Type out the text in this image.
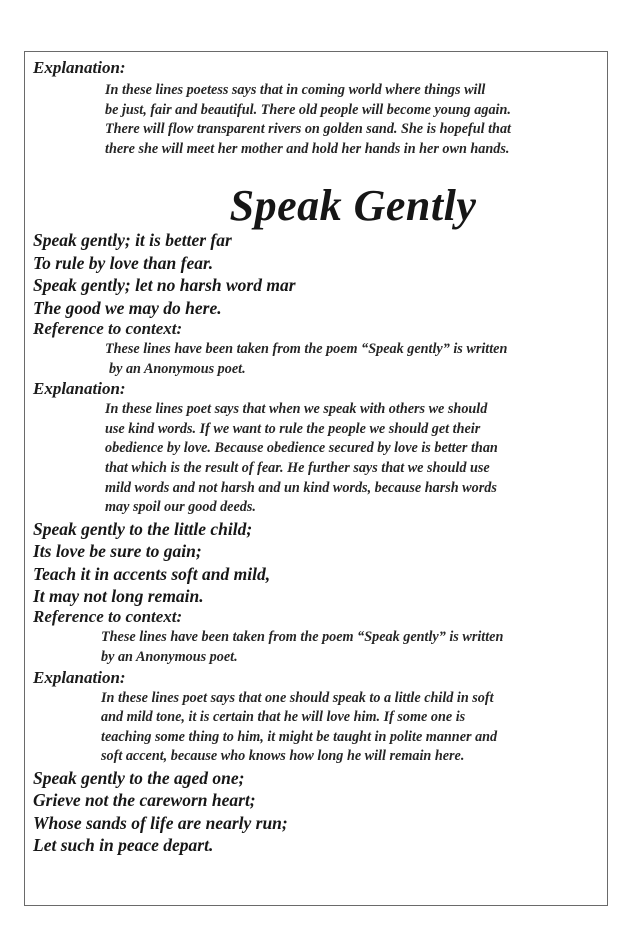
Explanation:

In these lines poetess says that in coming world where things will

be just, fair and beautiful. There old people will become young again.

There will flow transparent rivers on golden sand. She is hopeful that

there she will meet her mother and hold her hands in her own hands.

Speak Gently

Speak gently; it is better far

To rule by love than fear.

Speak gently; let no harsh word mar

The good we may do here.

Reference to context:

These lines have been taken from the poem “Speak gently” is written

by an Anonymous poet.

Explanation:

In these lines poet says that when we speak with others we should

use kind words. If we want to rule the people we should get their

obedience by love. Because obedience secured by love is better than

that which is the result of fear. He further says that we should use

mild words and not harsh and un kind words, because harsh words

may spoil our good deeds.

Speak gently to the little child;

Its love be sure to gain;

Teach it in accents soft and mild,

It may not long remain.

Reference to context:

These lines have been taken from the poem “Speak gently” is written

by an Anonymous poet.

Explanation:

In these lines poet says that one should speak to a little child in soft

and mild tone, it is certain that he will love him. If some one is

teaching some thing to him, it might be taught in polite manner and

soft accent, because who knows how long he will remain here.

Speak gently to the aged one;

Grieve not the careworn heart;

Whose sands of life are nearly run;

Let such in peace depart.
